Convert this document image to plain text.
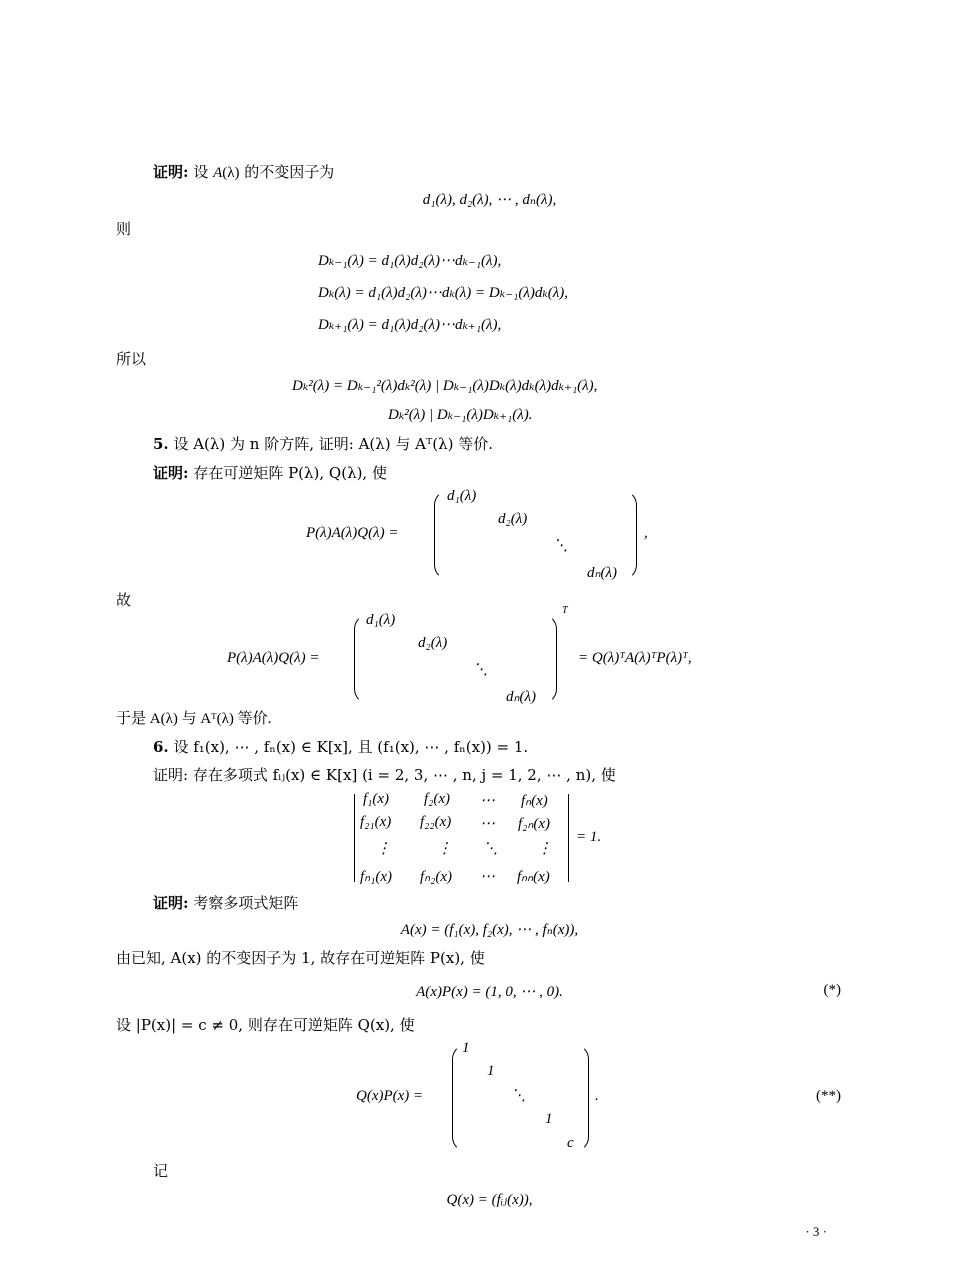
证明: 设 A(λ) 的不变因子为
d₁(λ), d₂(λ), ⋯ , dₙ(λ),
则
Dₖ₋₁(λ) = d₁(λ)d₂(λ)⋯dₖ₋₁(λ),
Dₖ(λ) = d₁(λ)d₂(λ)⋯dₖ(λ) = Dₖ₋₁(λ)dₖ(λ),
Dₖ₊₁(λ) = d₁(λ)d₂(λ)⋯dₖ₊₁(λ),
所以
Dₖ²(λ) = Dₖ₋₁²(λ)dₖ²(λ) | Dₖ₋₁(λ)Dₖ(λ)dₖ(λ)dₖ₊₁(λ),
Dₖ²(λ) | Dₖ₋₁(λ)Dₖ₊₁(λ).
5. 设 A(λ) 为 n 阶方阵, 证明: A(λ) 与 Aᵀ(λ) 等价.
证明: 存在可逆矩阵 P(λ), Q(λ), 使
P(λ)A(λ)Q(λ) =
d₁(λ)
d₂(λ)
⋱
dₙ(λ)
,
故
P(λ)A(λ)Q(λ) =
d₁(λ)
d₂(λ)
⋱
dₙ(λ)
T
= Q(λ)ᵀA(λ)ᵀP(λ)ᵀ,
于是 A(λ) 与 Aᵀ(λ) 等价.
6. 设 f₁(x), ⋯ , fₙ(x) ∈ K[x], 且 (f₁(x), ⋯ , fₙ(x)) = 1.
证明: 存在多项式 fᵢⱼ(x) ∈ K[x] (i = 2, 3, ⋯ , n, j = 1, 2, ⋯ , n), 使
f₁(x) f₂(x) ⋯ fₙ(x)
f₂₁(x) f₂₂(x) ⋯ f₂ₙ(x)
⋮	⋮ ⋱	⋮
fₙ₁(x) fₙ₂(x) ⋯ fₙₙ(x)
= 1.
证明: 考察多项式矩阵
A(x) = (f₁(x), f₂(x), ⋯ , fₙ(x)),
由已知, A(x) 的不变因子为 1, 故存在可逆矩阵 P(x), 使
A(x)P(x) = (1, 0, ⋯ , 0).	(*)
设 |P(x)| = c ≠ 0, 则存在可逆矩阵 Q(x), 使
Q(x)P(x) =
1
1
⋱
1
c
.	(**)
记
Q(x) = (fᵢⱼ(x)),
· 3 ·
